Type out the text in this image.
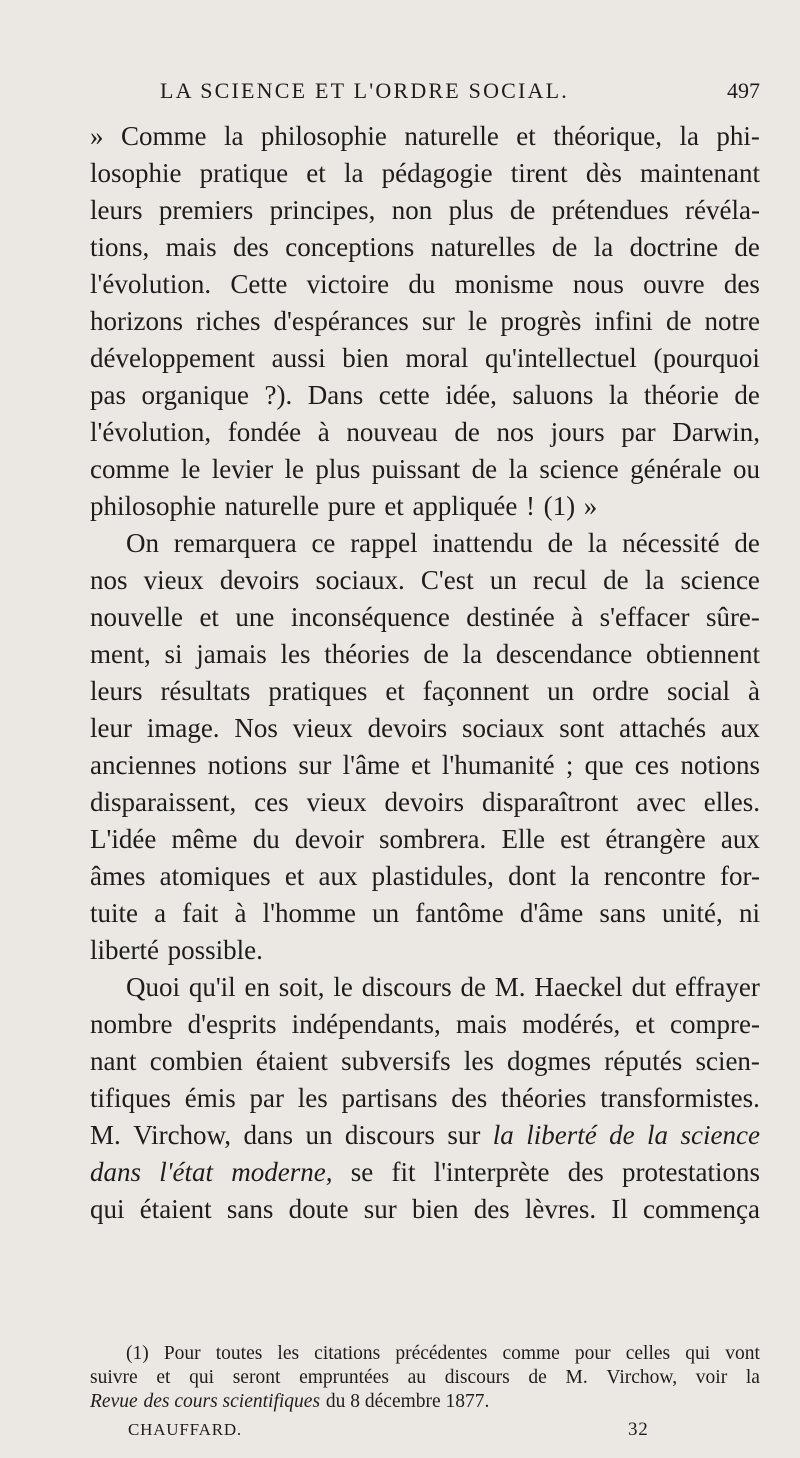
LA SCIENCE ET L'ORDRE SOCIAL.	497
» Comme la philosophie naturelle et théorique, la phi-
losophie pratique et la pédagogie tirent dès maintenant
leurs premiers principes, non plus de prétendues révéla-
tions, mais des conceptions naturelles de la doctrine de
l'évolution. Cette victoire du monisme nous ouvre des
horizons riches d'espérances sur le progrès infini de notre
développement aussi bien moral qu'intellectuel (pourquoi
pas organique ?). Dans cette idée, saluons la théorie de
l'évolution, fondée à nouveau de nos jours par Darwin,
comme le levier le plus puissant de la science générale ou
philosophie naturelle pure et appliquée ! (1) »
On remarquera ce rappel inattendu de la nécessité de
nos vieux devoirs sociaux. C'est un recul de la science
nouvelle et une inconséquence destinée à s'effacer sûre-
ment, si jamais les théories de la descendance obtiennent
leurs résultats pratiques et façonnent un ordre social à
leur image. Nos vieux devoirs sociaux sont attachés aux
anciennes notions sur l'âme et l'humanité ; que ces notions
disparaissent, ces vieux devoirs disparaîtront avec elles.
L'idée même du devoir sombrera. Elle est étrangère aux
âmes atomiques et aux plastidules, dont la rencontre for-
tuite a fait à l'homme un fantôme d'âme sans unité, ni
liberté possible.
Quoi qu'il en soit, le discours de M. Haeckel dut effrayer
nombre d'esprits indépendants, mais modérés, et compre-
nant combien étaient subversifs les dogmes réputés scien-
tifiques émis par les partisans des théories transformistes.
M. Virchow, dans un discours sur la liberté de la science
dans l'état moderne, se fit l'interprète des protestations
qui étaient sans doute sur bien des lèvres. Il commença
(1) Pour toutes les citations précédentes comme pour celles qui vont
suivre et qui seront empruntées au discours de M. Virchow, voir la
Revue des cours scientifiques du 8 décembre 1877.
CHAUFFARD.	32
